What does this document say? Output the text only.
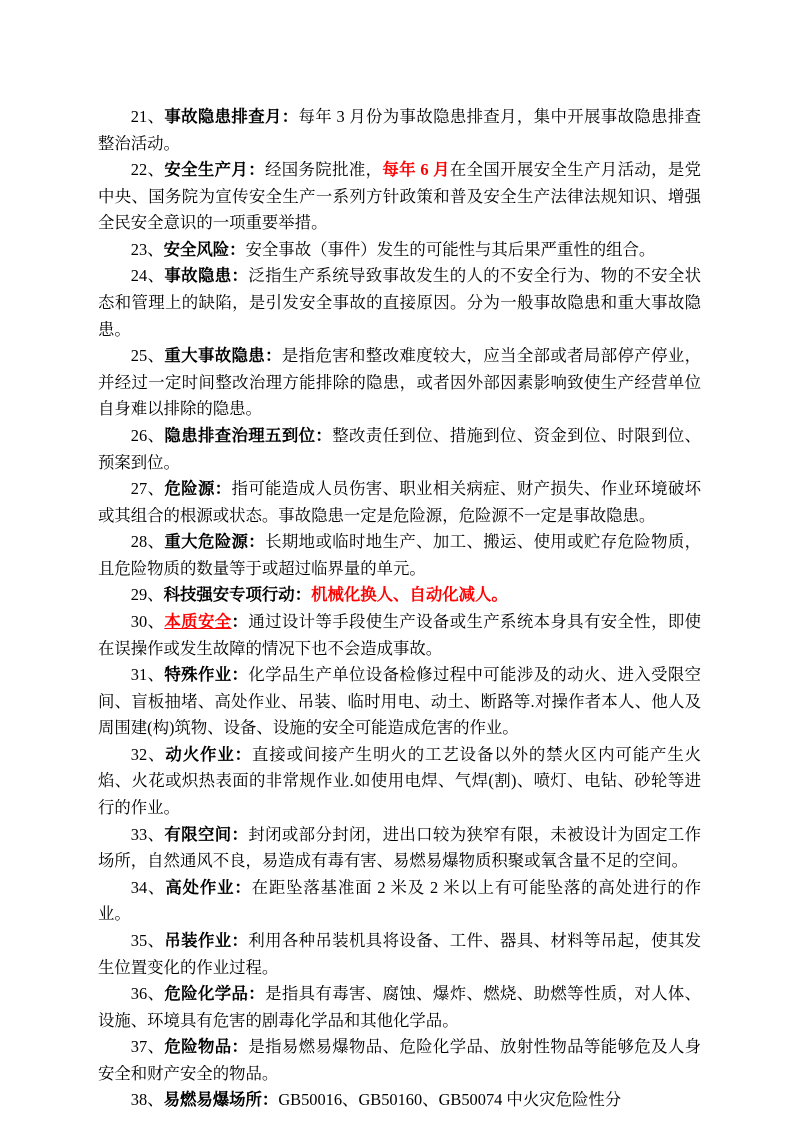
21、事故隐患排查月：每年 3 月份为事故隐患排查月，集中开展事故隐患排查整治活动。

22、安全生产月：经国务院批准，每年 6 月在全国开展安全生产月活动，是党中央、国务院为宣传安全生产一系列方针政策和普及安全生产法律法规知识、增强全民安全意识的一项重要举措。

23、安全风险：安全事故（事件）发生的可能性与其后果严重性的组合。

24、事故隐患：泛指生产系统导致事故发生的人的不安全行为、物的不安全状态和管理上的缺陷，是引发安全事故的直接原因。分为一般事故隐患和重大事故隐患。

25、重大事故隐患：是指危害和整改难度较大，应当全部或者局部停产停业，并经过一定时间整改治理方能排除的隐患，或者因外部因素影响致使生产经营单位自身难以排除的隐患。

26、隐患排查治理五到位：整改责任到位、措施到位、资金到位、时限到位、预案到位。

27、危险源：指可能造成人员伤害、职业相关病症、财产损失、作业环境破坏或其组合的根源或状态。事故隐患一定是危险源，危险源不一定是事故隐患。

28、重大危险源：长期地或临时地生产、加工、搬运、使用或贮存危险物质，且危险物质的数量等于或超过临界量的单元。

29、科技强安专项行动：机械化换人、自动化减人。

30、本质安全：通过设计等手段使生产设备或生产系统本身具有安全性，即使在误操作或发生故障的情况下也不会造成事故。

31、特殊作业：化学品生产单位设备检修过程中可能涉及的动火、进入受限空间、盲板抽堵、高处作业、吊装、临时用电、动土、断路等.对操作者本人、他人及周围建(构)筑物、设备、设施的安全可能造成危害的作业。

32、动火作业：直接或间接产生明火的工艺设备以外的禁火区内可能产生火焰、火花或炽热表面的非常规作业.如使用电焊、气焊(割)、喷灯、电钻、砂轮等进行的作业。

33、有限空间：封闭或部分封闭，进出口较为狭窄有限，未被设计为固定工作场所，自然通风不良，易造成有毒有害、易燃易爆物质积聚或氧含量不足的空间。

34、高处作业：在距坠落基准面 2 米及 2 米以上有可能坠落的高处进行的作业。

35、吊装作业：利用各种吊装机具将设备、工件、器具、材料等吊起，使其发生位置变化的作业过程。

36、危险化学品：是指具有毒害、腐蚀、爆炸、燃烧、助燃等性质，对人体、设施、环境具有危害的剧毒化学品和其他化学品。

37、危险物品：是指易燃易爆物品、危险化学品、放射性物品等能够危及人身安全和财产安全的物品。

38、易燃易爆场所：GB50016、GB50160、GB50074 中火灾危险性分
